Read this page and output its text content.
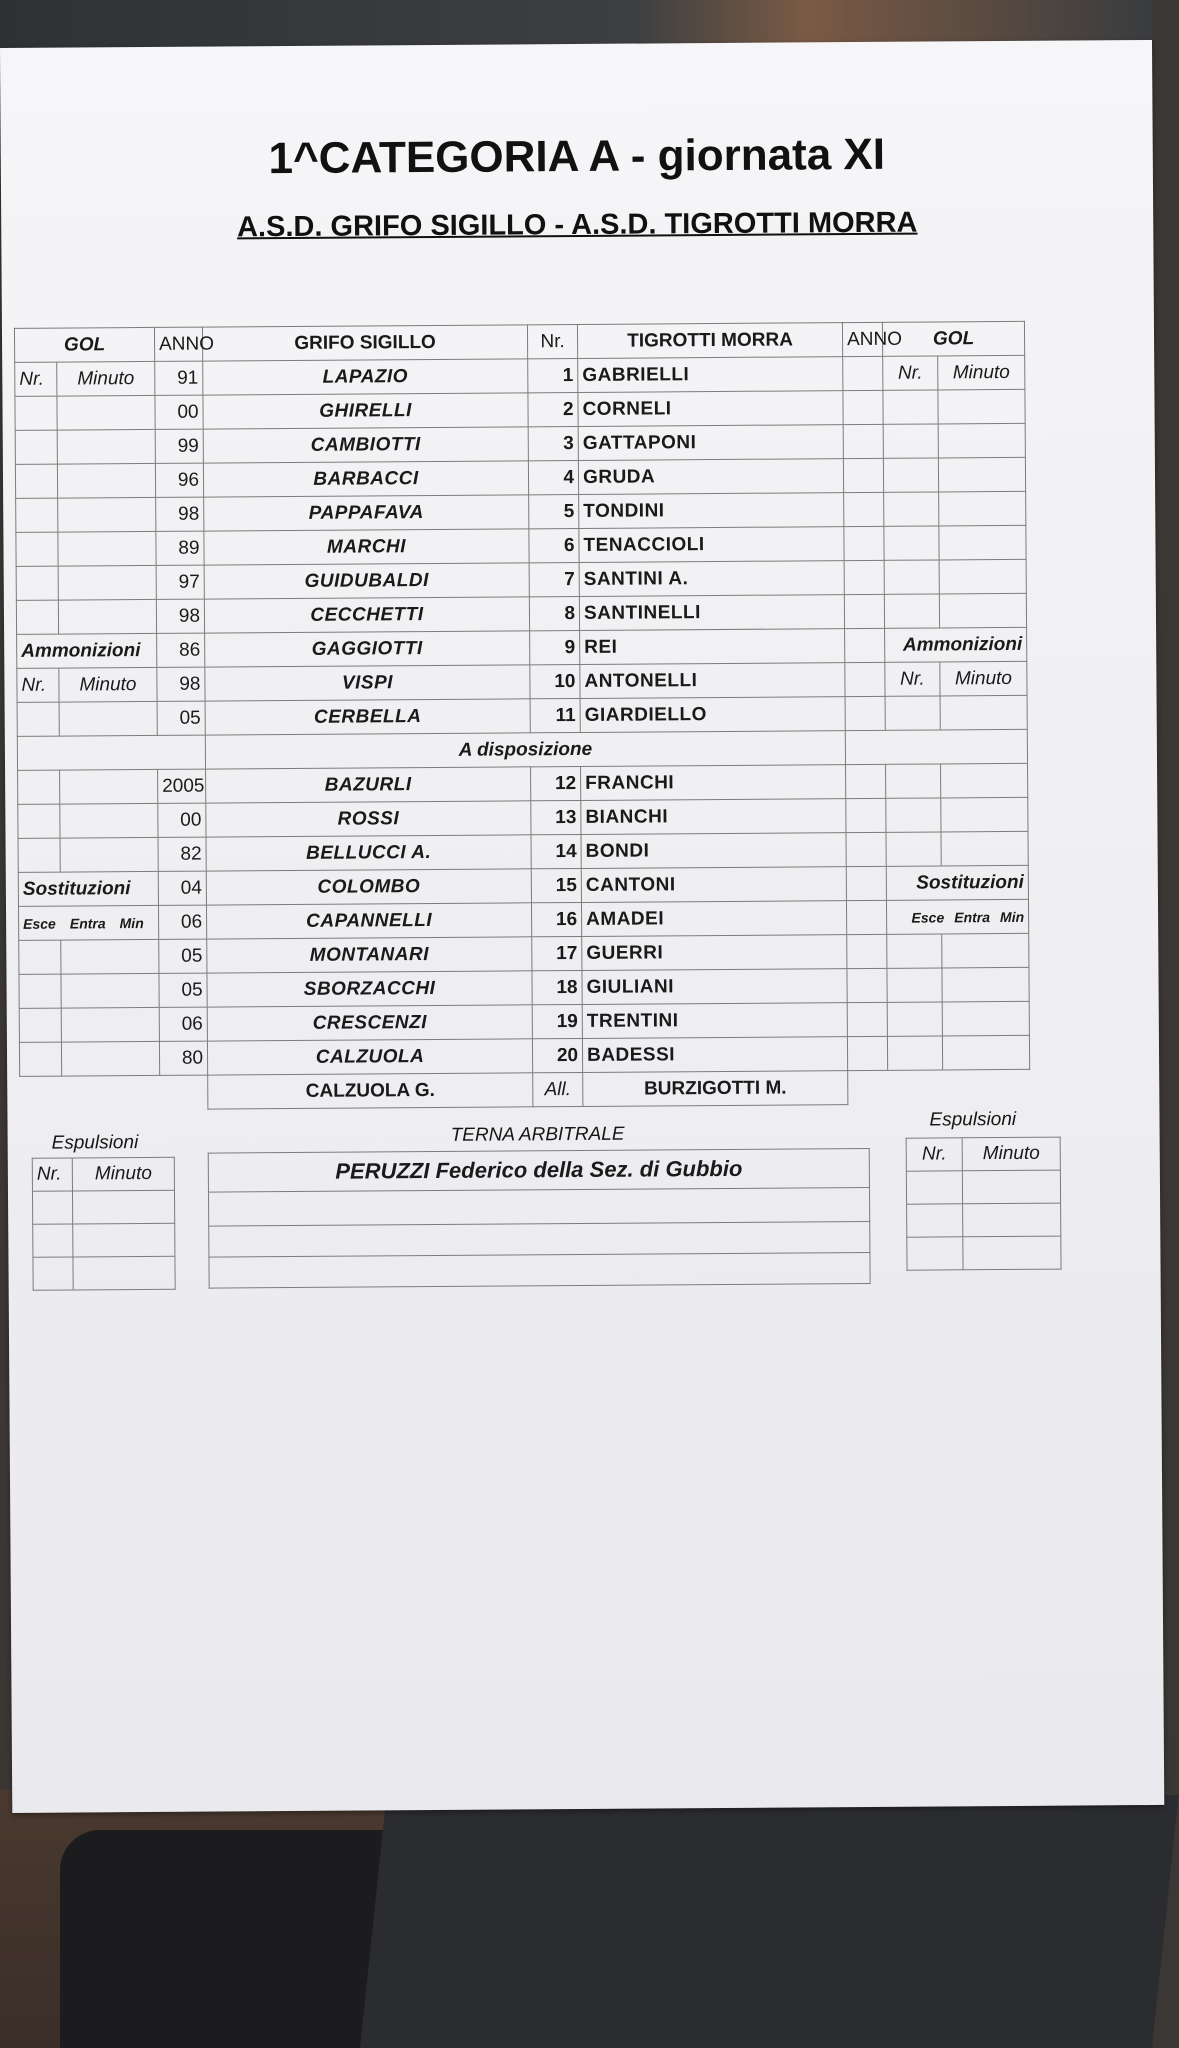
1^CATEGORIA A - giornata XI
A.S.D. GRIFO SIGILLO - A.S.D. TIGROTTI MORRA
GOL		ANNO	GRIFO SIGILLO	Nr.	TIGROTTI MORRA	ANNO	GOL	
Nr.	Minuto	91	LAPAZIO	1	GABRIELLI		Nr.	Minuto
		00	GHIRELLI	2	CORNELI			
		99	CAMBIOTTI	3	GATTAPONI			
		96	BARBACCI	4	GRUDA			
		98	PAPPAFAVA	5	TONDINI			
		89	MARCHI	6	TENACCIOLI			
		97	GUIDUBALDI	7	SANTINI A.			
		98	CECCHETTI	8	SANTINELLI			
Ammonizioni		86	GAGGIOTTI	9	REI		Ammonizioni	
Nr.	Minuto	98	VISPI	10	ANTONELLI		Nr.	Minuto
		05	CERBELLA	11	GIARDIELLO			
			A disposizione					
		2005	BAZURLI	12	FRANCHI			
		00	ROSSI	13	BIANCHI			
		82	BELLUCCI A.	14	BONDI			
Sostituzioni		04	COLOMBO	15	CANTONI		Sostituzioni	
Esce Entra Min		06	CAPANNELLI	16	AMADEI		Esce Entra Min	
		05	MONTANARI	17	GUERRI			
		05	SBORZACCHI	18	GIULIANI			
		06	CRESCENZI	19	TRENTINI			
		80	CALZUOLA	20	BADESSI			
			CALZUOLA G.	All.	BURZIGOTTI M.			
Espulsioni
Nr.	Minuto

TERNA ARBITRALE
PERUZZI Federico della Sez. di Gubbio

Espulsioni
Nr.	Minuto
